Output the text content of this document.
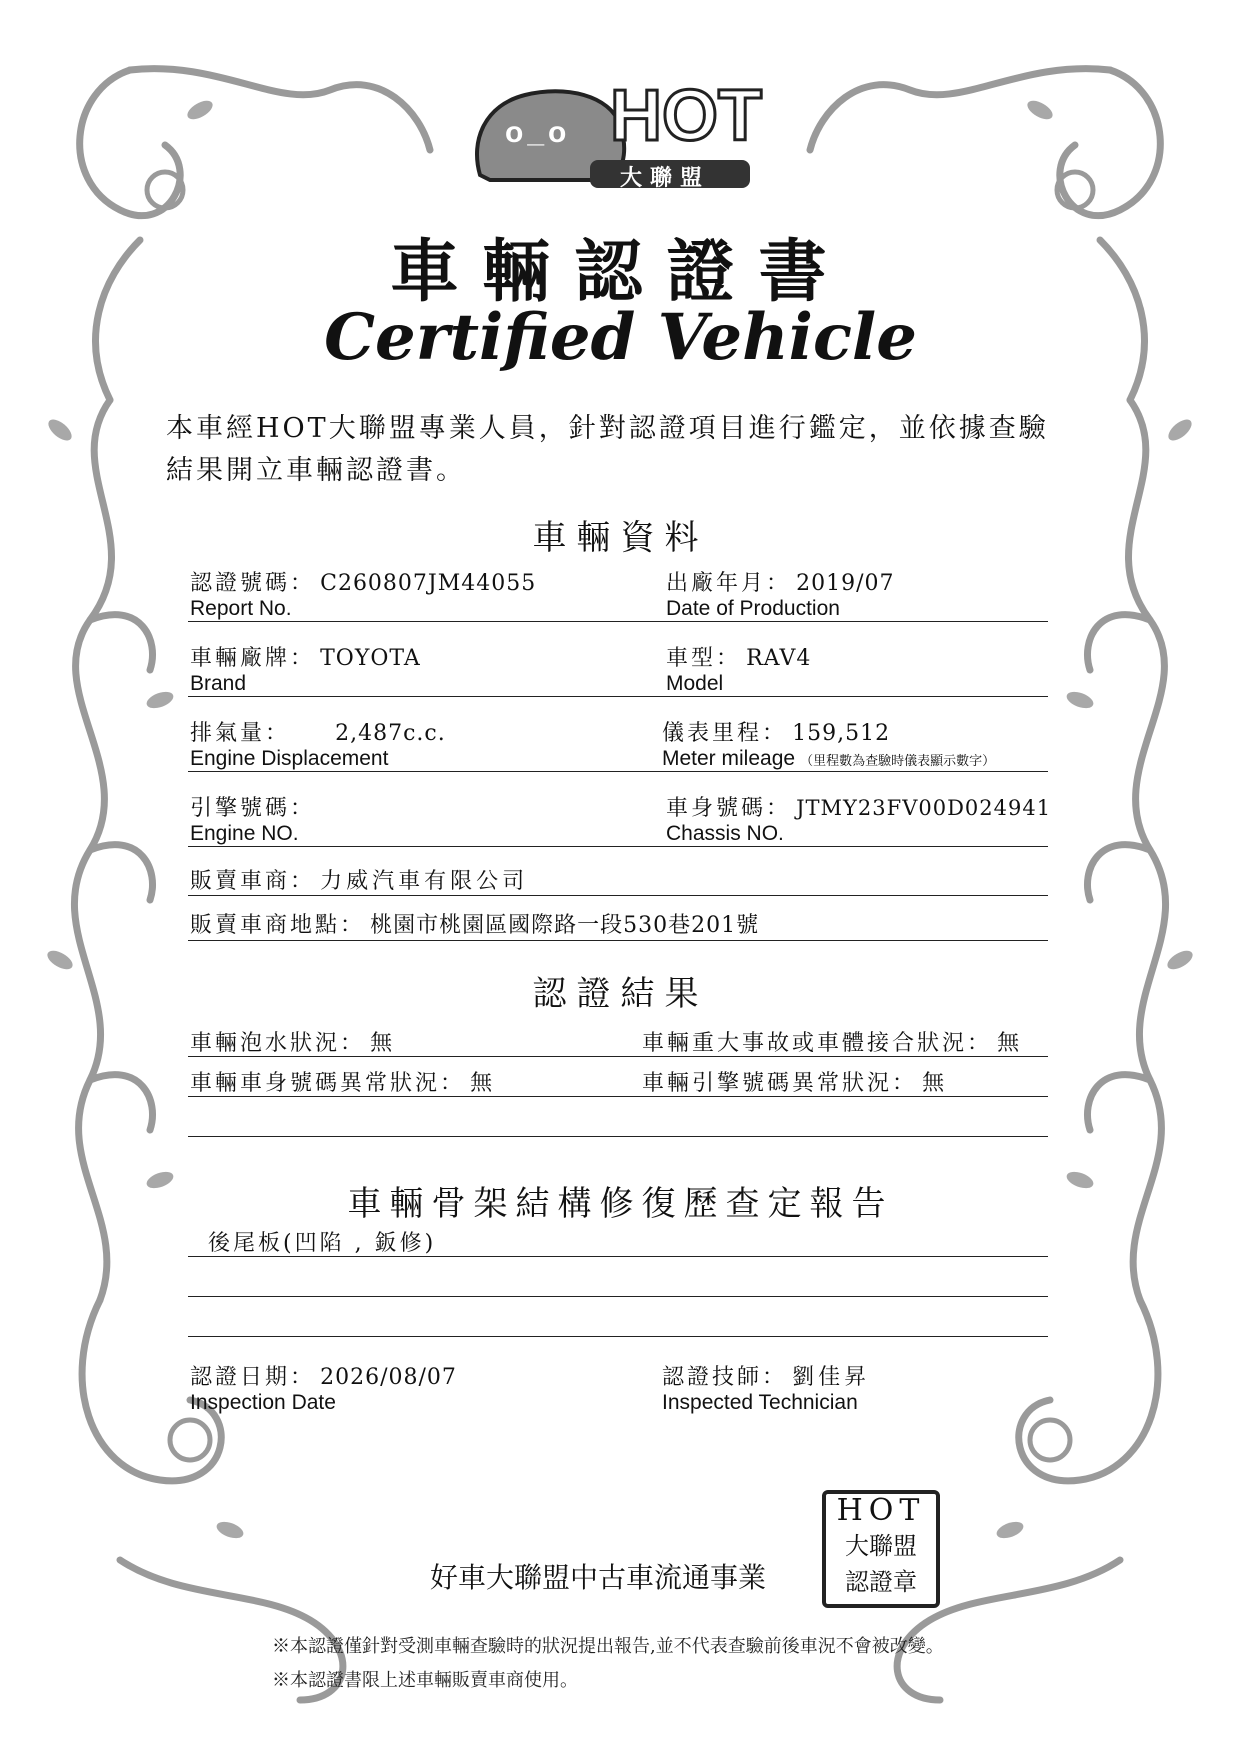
o_o HOT
大聯盟
車輛認證書
Certified Vehicle
本車經HOT大聯盟專業人員，針對認證項目進行鑑定，並依據查驗
結果開立車輛認證書。
車輛資料
認證號碼： C260807JM44055
Report No.
出廠年月： 2019/07
Date of Production
車輛廠牌： TOYOTA
Brand
車型： RAV4
Model
排氣量： 2,487c.c.
Engine Displacement
儀表里程： 159,512
Meter mileage （里程數為查驗時儀表顯示數字）
引擎號碼：
Engine NO.
車身號碼： JTMY23FV00D024941
Chassis NO.
販賣車商： 力威汽車有限公司
販賣車商地點： 桃園市桃園區國際路一段530巷201號
認證結果
車輛泡水狀況： 無	車輛重大事故或車體接合狀況： 無
車輛車身號碼異常狀況： 無	車輛引擎號碼異常狀況： 無
車輛骨架結構修復歷查定報告
後尾板(凹陷 , 鈑修)
認證日期： 2026/08/07
Inspection Date
認證技師： 劉佳昇
Inspected Technician
好車大聯盟中古車流通事業
HOT
大聯盟
認證章
※本認證僅針對受測車輛查驗時的狀況提出報告,並不代表查驗前後車況不會被改變。
※本認證書限上述車輛販賣車商使用。
